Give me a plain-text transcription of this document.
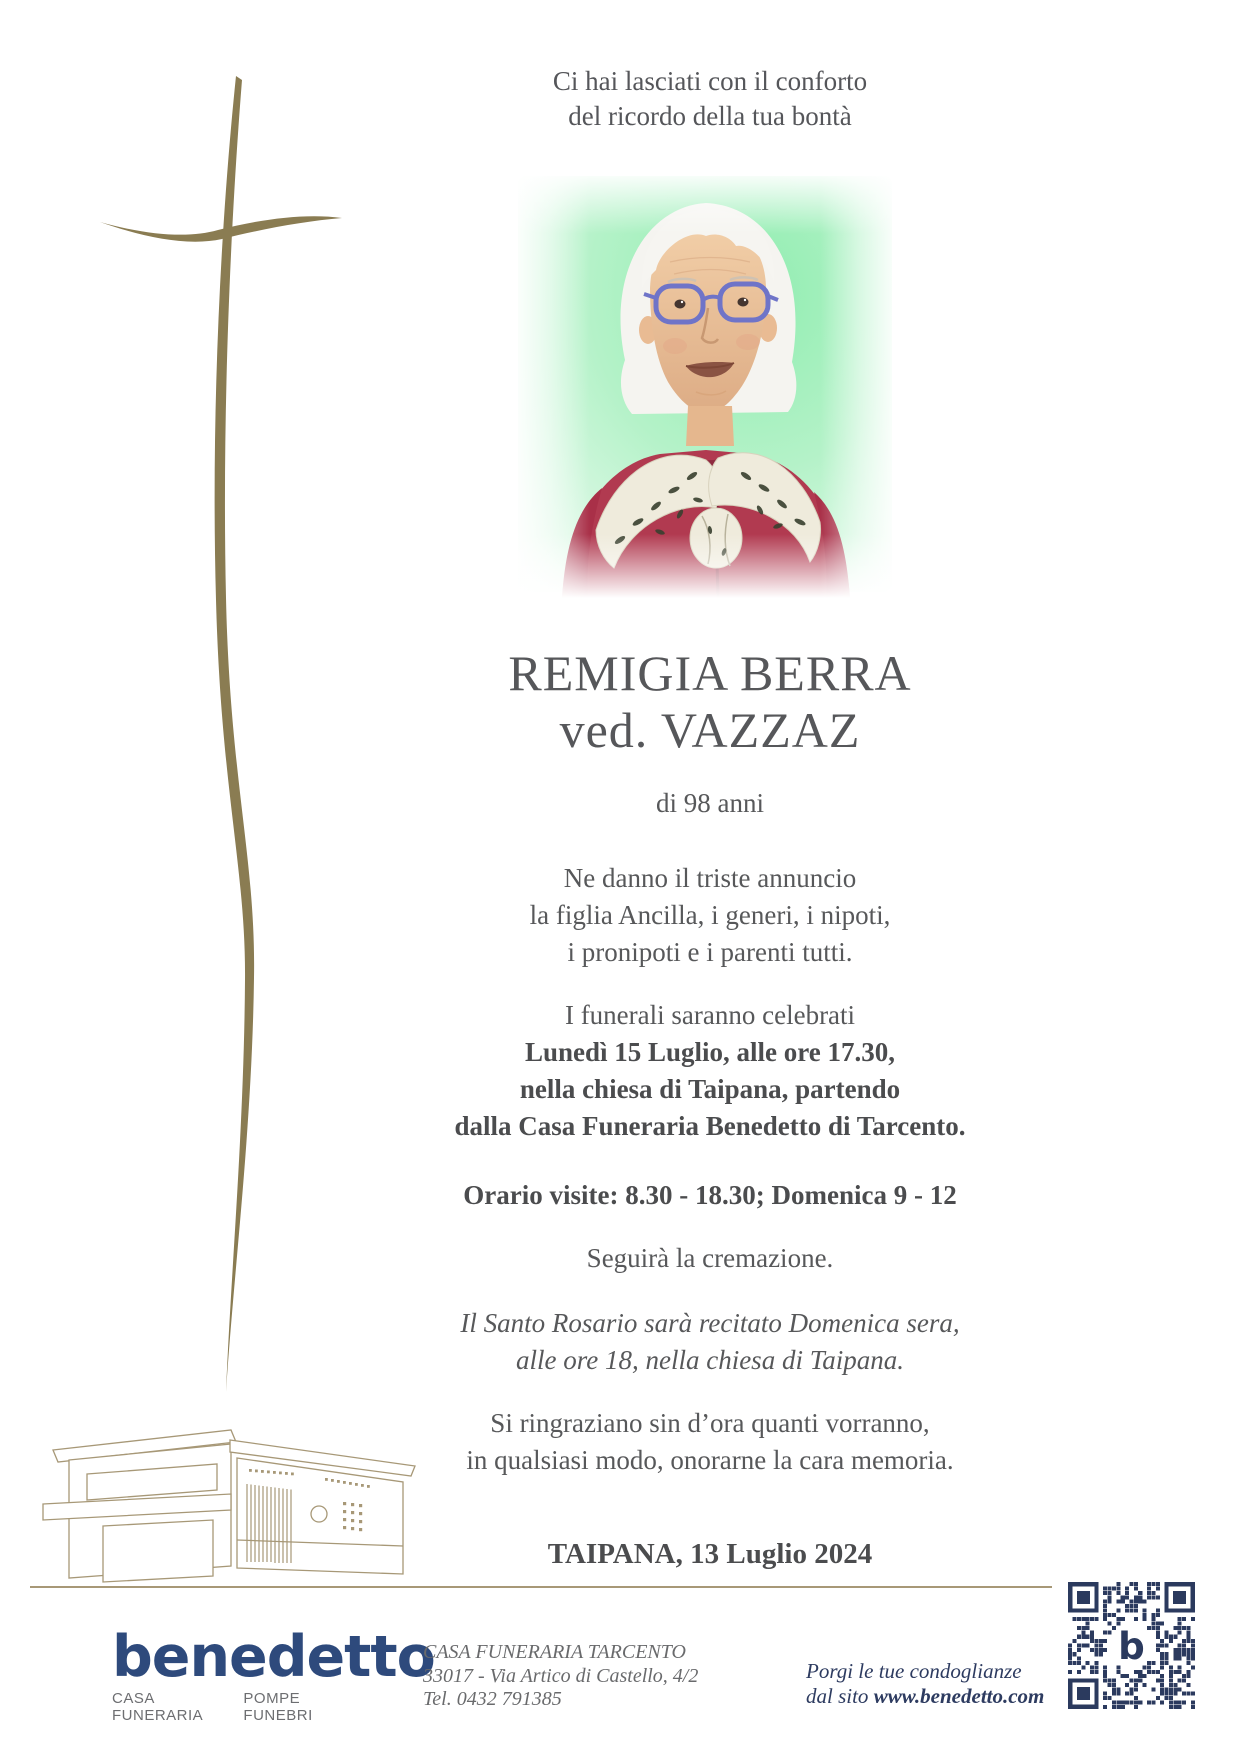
Ci hai lasciati con il conforto
del ricordo della tua bontà
REMIGIA BERRA
ved. VAZZAZ
di 98 anni
Ne danno il triste annuncio
la figlia Ancilla, i generi, i nipoti,
i pronipoti e i parenti tutti.
I funerali saranno celebrati
Lunedì 15 Luglio, alle ore 17.30,
nella chiesa di Taipana, partendo
dalla Casa Funeraria Benedetto di Tarcento.
Orario visite: 8.30 - 18.30; Domenica 9 - 12
Seguirà la cremazione.
Il Santo Rosario sarà recitato Domenica sera,
alle ore 18, nella chiesa di Taipana.
Si ringraziano sin d’ora quanti vorranno,
in qualsiasi modo, onorarne la cara memoria.
TAIPANA, 13 Luglio 2024
benedetto
CASA FUNERARIA
POMPE FUNEBRI
CASA FUNERARIA TARCENTO
33017 - Via Artico di Castello, 4/2
Tel. 0432 791385
Porgi le tue condoglianze
dal sito www.benedetto.com
b
